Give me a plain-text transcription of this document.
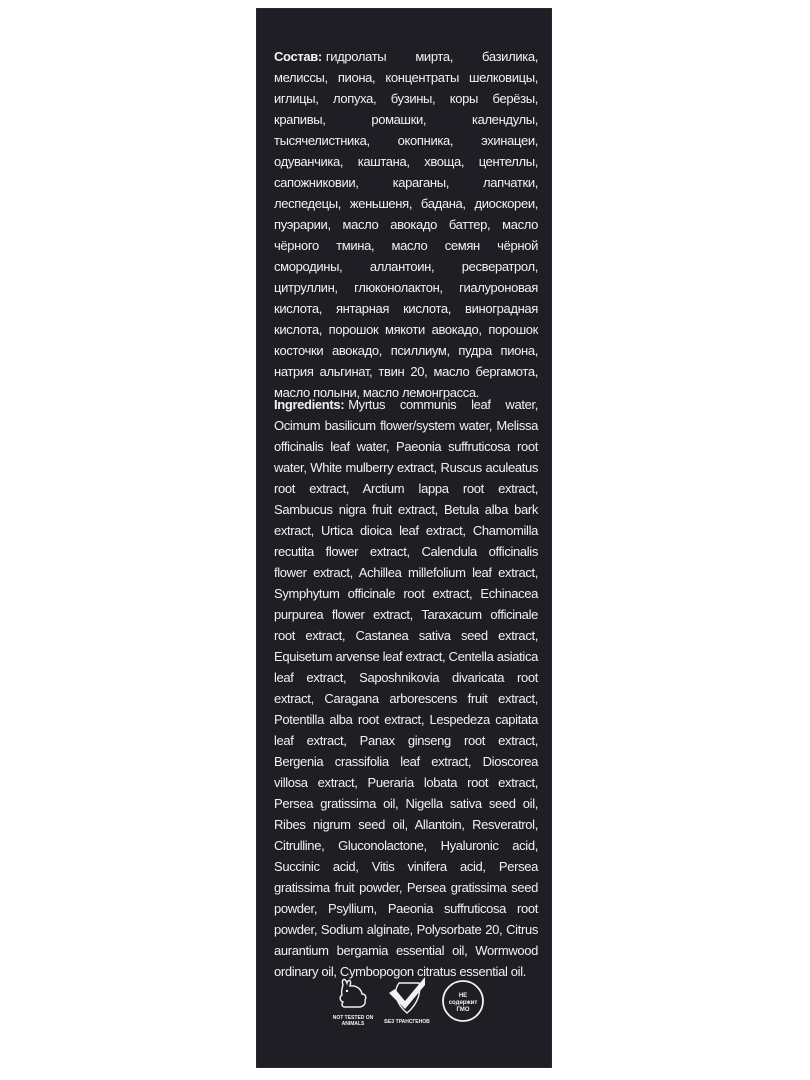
Состав: гидролаты мирта, базилика, мелиссы, пиона, концентраты шелковицы, иглицы, лопуха, бузины, коры берёзы, крапивы, ромашки, календулы, тысячелистника, окопника, эхинацеи, одуванчика, каштана, хвоща, центеллы, сапожниковии, караганы, лапчатки, леспедецы, женьшеня, бадана, диоскореи, пуэрарии, масло авокадо баттер, масло чёрного тмина, масло семян чёрной смородины, аллантоин, ресвератрол, цитруллин, глюконолактон, гиалуроновая кислота, янтарная кислота, виноградная кислота, порошок мякоти авокадо, порошок косточки авокадо, псиллиум, пудра пиона, натрия альгинат, твин 20, масло бергамота, масло полыни, масло лемонграсса.
Ingredients: Myrtus communis leaf water, Ocimum basilicum flower/system water, Melissa officinalis leaf water, Paeonia suffruticosa root water, White mulberry extract, Ruscus aculeatus root extract, Arctium lappa root extract, Sambucus nigra fruit extract, Betula alba bark extract, Urtica dioica leaf extract, Chamomilla recutita flower extract, Calendula officinalis flower extract, Achillea millefolium leaf extract, Symphytum officinale root extract, Echinacea purpurea flower extract, Taraxacum officinale root extract, Castanea sativa seed extract, Equisetum arvense leaf extract, Centella asiatica leaf extract, Saposhnikovia divaricata root extract, Caragana arborescens fruit extract, Potentilla alba root extract, Lespedeza capitata leaf extract, Panax ginseng root extract, Bergenia crassifolia leaf extract, Dioscorea villosa extract, Pueraria lobata root extract, Persea gratissima oil, Nigella sativa seed oil, Ribes nigrum seed oil, Allantoin, Resveratrol, Citrulline, Gluconolactone, Hyaluronic acid, Succinic acid, Vitis vinifera acid, Persea gratissima fruit powder, Persea gratissima seed powder, Psyllium, Paeonia suffruticosa root powder, Sodium alginate, Polysorbate 20, Citrus aurantium bergamia essential oil, Wormwood ordinary oil, Cymbopogon citratus essential oil.
NOT TESTED ON ANIMALS	БЕЗ ТРАНСГЕНОВ
НЕ
содержит
ГМО
